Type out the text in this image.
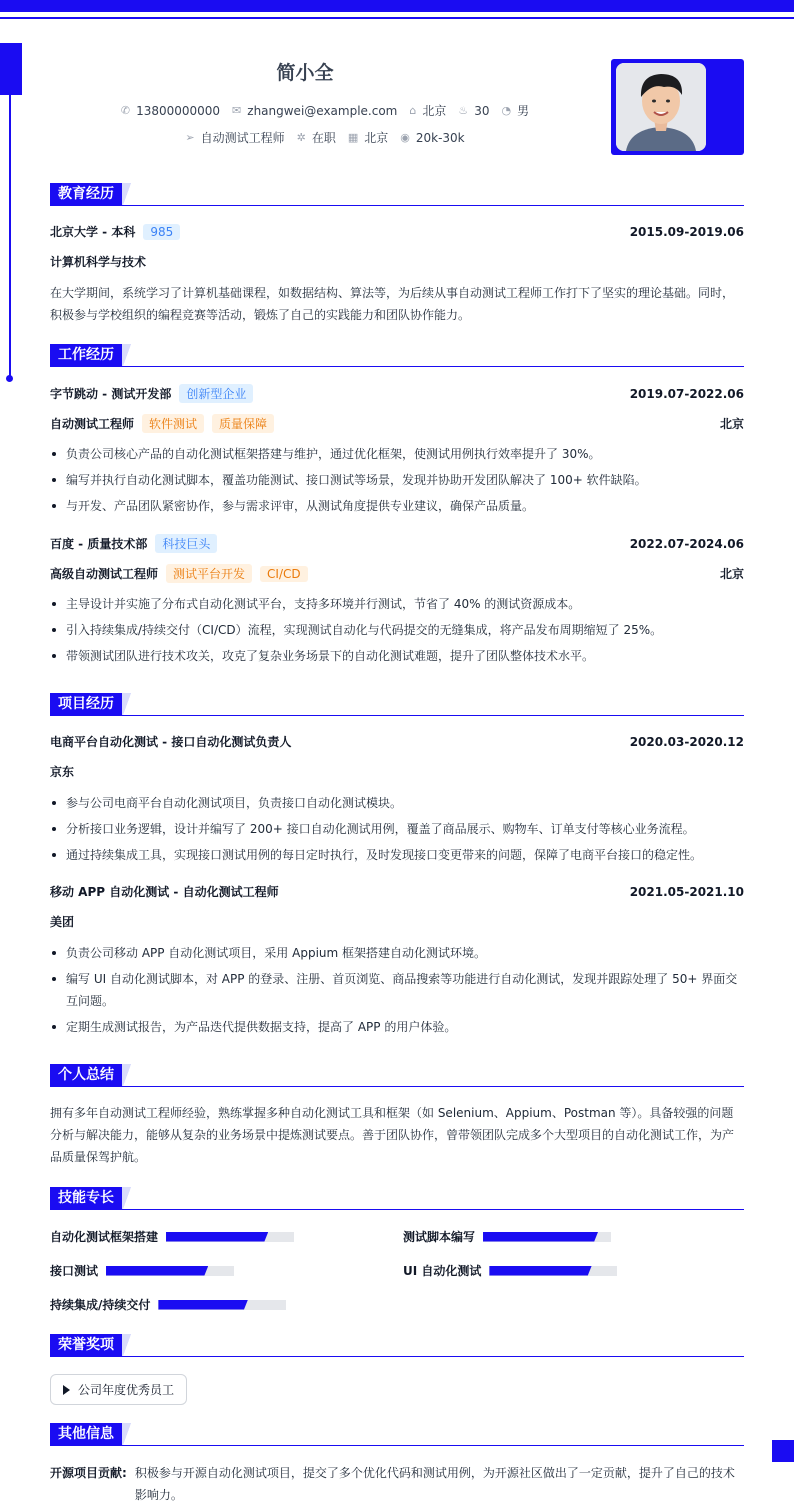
简小全
✆ 13800000000 ✉ zhangwei@example.com ⌂ 北京 ♨ 30 ◔ 男
➢ 自动测试工程师 ✲ 在职 ▦ 北京 ◉ 20k-30k
教育经历
北京大学 - 本科	985	2015.09-2019.06
计算机科学与技术
在大学期间，系统学习了计算机基础课程，如数据结构、算法等，为后续从事自动测试工程师工作打下了坚实的理论基础。同时，积极参与学校组织的编程竞赛等活动，锻炼了自己的实践能力和团队协作能力。
工作经历
字节跳动 - 测试开发部	创新型企业	2019.07-2022.06
自动测试工程师	软件测试	质量保障	北京
负责公司核心产品的自动化测试框架搭建与维护，通过优化框架，使测试用例执行效率提升了 30%。
编写并执行自动化测试脚本，覆盖功能测试、接口测试等场景，发现并协助开发团队解决了 100+ 软件缺陷。
与开发、产品团队紧密协作，参与需求评审，从测试角度提供专业建议，确保产品质量。
百度 - 质量技术部	科技巨头	2022.07-2024.06
高级自动测试工程师	测试平台开发	CI/CD	北京
主导设计并实施了分布式自动化测试平台，支持多环境并行测试，节省了 40% 的测试资源成本。
引入持续集成/持续交付（CI/CD）流程，实现测试自动化与代码提交的无缝集成，将产品发布周期缩短了 25%。
带领测试团队进行技术攻关，攻克了复杂业务场景下的自动化测试难题，提升了团队整体技术水平。
项目经历
电商平台自动化测试 - 接口自动化测试负责人	2020.03-2020.12
京东
参与公司电商平台自动化测试项目，负责接口自动化测试模块。
分析接口业务逻辑，设计并编写了 200+ 接口自动化测试用例，覆盖了商品展示、购物车、订单支付等核心业务流程。
通过持续集成工具，实现接口测试用例的每日定时执行，及时发现接口变更带来的问题，保障了电商平台接口的稳定性。
移动 APP 自动化测试 - 自动化测试工程师	2021.05-2021.10
美团
负责公司移动 APP 自动化测试项目，采用 Appium 框架搭建自动化测试环境。
编写 UI 自动化测试脚本，对 APP 的登录、注册、首页浏览、商品搜索等功能进行自动化测试，发现并跟踪处理了 50+ 界面交互问题。
定期生成测试报告，为产品迭代提供数据支持，提高了 APP 的用户体验。
个人总结
拥有多年自动测试工程师经验，熟练掌握多种自动化测试工具和框架（如 Selenium、Appium、Postman 等）。具备较强的问题分析与解决能力，能够从复杂的业务场景中提炼测试要点。善于团队协作，曾带领团队完成多个大型项目的自动化测试工作，为产品质量保驾护航。
技能专长
自动化测试框架搭建	测试脚本编写
接口测试	UI 自动化测试
持续集成/持续交付
荣誉奖项
公司年度优秀员工
其他信息
开源项目贡献: 积极参与开源自动化测试项目，提交了多个优化代码和测试用例，为开源社区做出了一定贡献，提升了自己的技术影响力。
